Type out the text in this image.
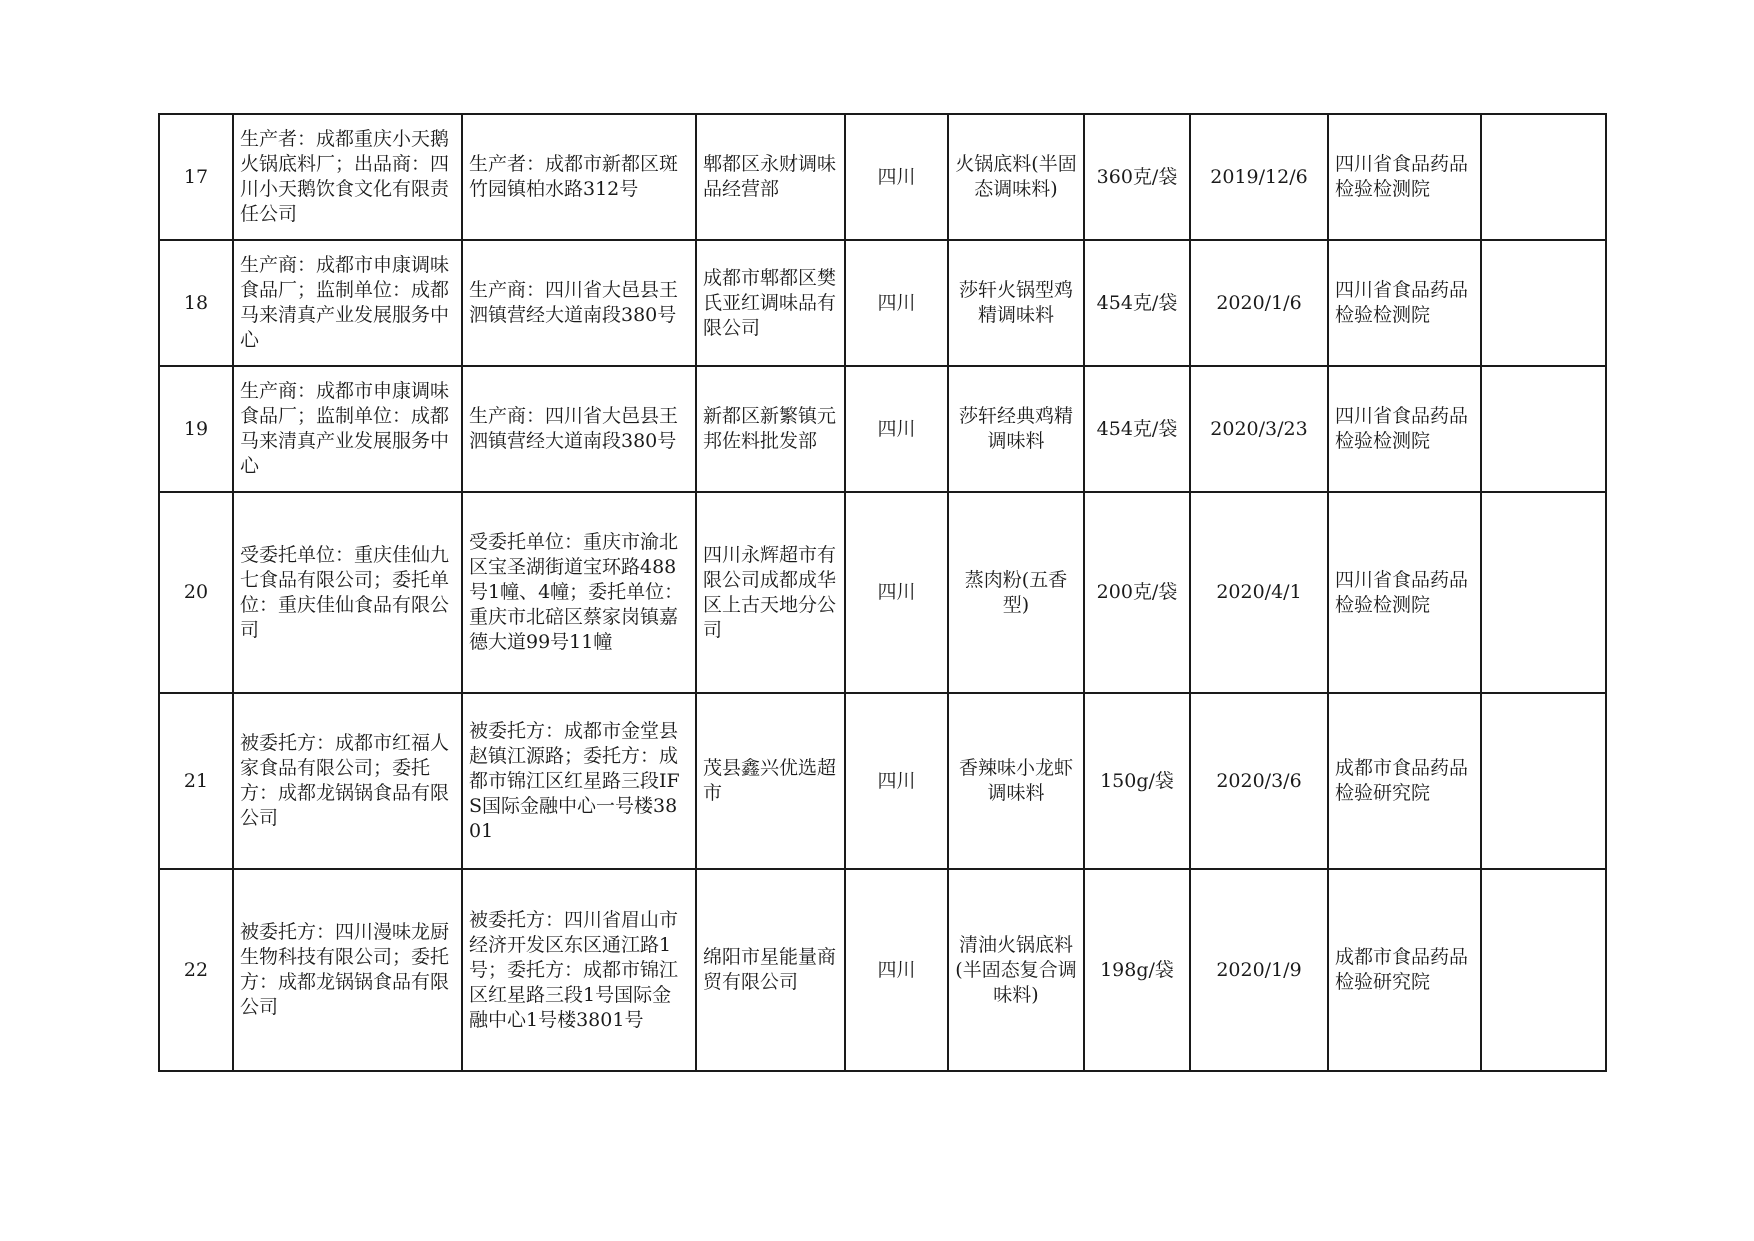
17	生产者：成都重庆小天鹅火锅底料厂；出品商：四川小天鹅饮食文化有限责任公司	生产者：成都市新都区斑竹园镇柏水路312号	郫都区永财调味品经营部	四川	火锅底料(半固态调味料)	360克/袋	2019/12/6	四川省食品药品检验检测院	
18	生产商：成都市申康调味食品厂；监制单位：成都马来清真产业发展服务中心	生产商：四川省大邑县王泗镇营经大道南段380号	成都市郫都区樊氏亚红调味品有限公司	四川	莎轩火锅型鸡精调味料	454克/袋	2020/1/6	四川省食品药品检验检测院	
19	生产商：成都市申康调味食品厂；监制单位：成都马来清真产业发展服务中心	生产商：四川省大邑县王泗镇营经大道南段380号	新都区新繁镇元邦佐料批发部	四川	莎轩经典鸡精调味料	454克/袋	2020/3/23	四川省食品药品检验检测院	
20	受委托单位：重庆佳仙九七食品有限公司；委托单位：重庆佳仙食品有限公司	受委托单位：重庆市渝北区宝圣湖街道宝环路488号1幢、4幢；委托单位：重庆市北碚区蔡家岗镇嘉德大道99号11幢	四川永辉超市有限公司成都成华区上古天地分公司	四川	蒸肉粉(五香型)	200克/袋	2020/4/1	四川省食品药品检验检测院	
21	被委托方：成都市红福人家食品有限公司；委托方：成都龙锅锅食品有限公司	被委托方：成都市金堂县赵镇江源路；委托方：成都市锦江区红星路三段IFS国际金融中心一号楼3801	茂县鑫兴优选超市	四川	香辣味小龙虾调味料	150g/袋	2020/3/6	成都市食品药品检验研究院	
22	被委托方：四川漫味龙厨生物科技有限公司；委托方：成都龙锅锅食品有限公司	被委托方：四川省眉山市经济开发区东区通江路1号；委托方：成都市锦江区红星路三段1号国际金融中心1号楼3801号	绵阳市星能量商贸有限公司	四川	清油火锅底料(半固态复合调味料)	198g/袋	2020/1/9	成都市食品药品检验研究院	
